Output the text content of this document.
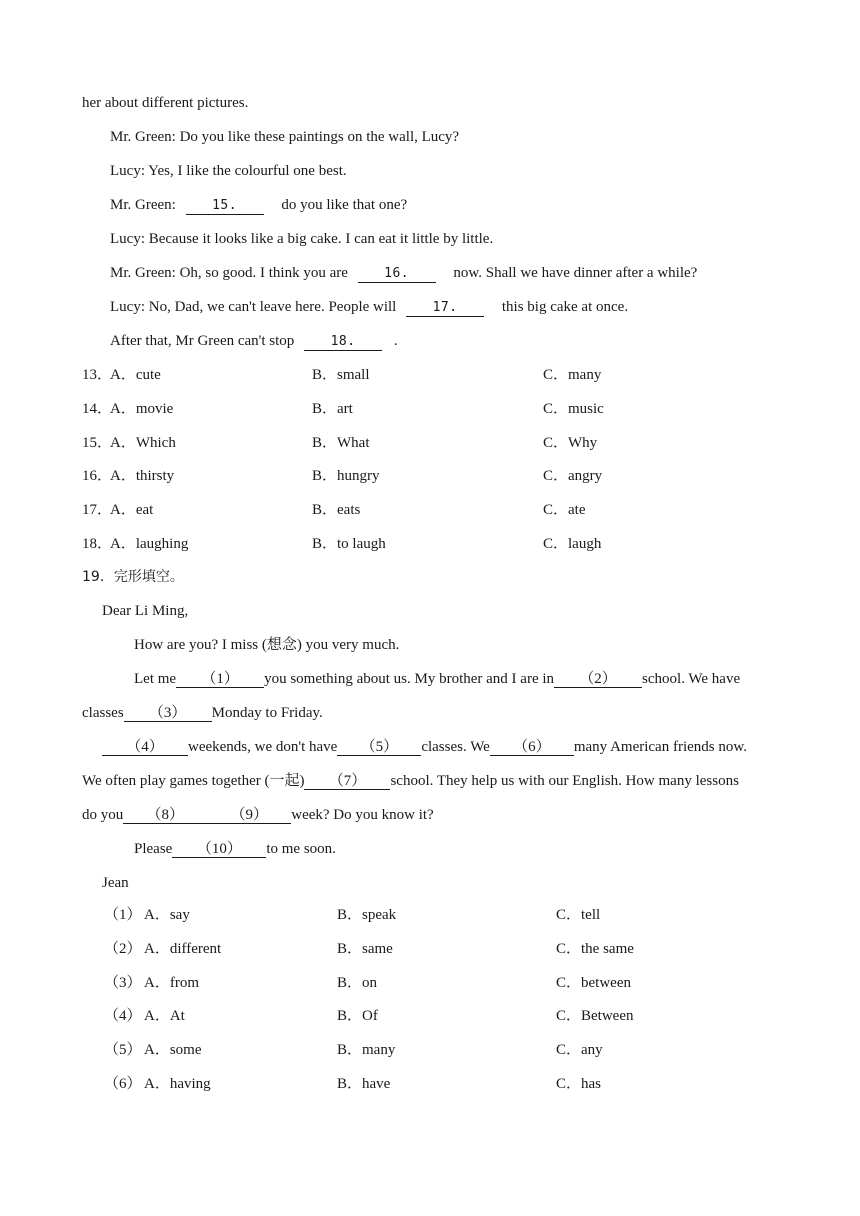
her about different pictures.
Mr. Green: Do you like these paintings on the wall, Lucy?
Lucy: Yes, I like the colourful one best.
Mr. Green:	15.	do you like that one?
Lucy: Because it looks like a big cake. I can eat it little by little.
Mr. Green: Oh, so good. I think you are	16.	now. Shall we have dinner after a while?
Lucy: No, Dad, we can't leave here. People will	17.	this big cake at once.
After that, Mr Green can't stop	18.	.
13．
A．cute	B．small	C．many
14．
A．movie	B．art	C．music
15．
A．Which	B．What	C．Why
16．
A．thirsty	B．hungry	C．angry
17．
A．eat	B．eats	C．ate
18．
A．laughing	B．to laugh	C．laugh
19．完形填空。
Dear Li Ming,
How are you? I miss (想念) you very much.
Let me （1） you something about us. My brother and I are in （2） school. We have
classes （3） Monday to Friday.
（4） weekends, we don't have （5） classes. We （6） many American friends now.
We often play games together (一起) （7） school. They help us with our English. How many lessons
do you （8）	（9） week? Do you know it?
Please （10） to me soon.
Jean
（1） A．say	B．speak	C．tell
（2） A．different	B．same	C．the same
（3） A．from	B．on	C．between
（4） A．At	B．Of	C．Between
（5） A．some	B．many	C．any
（6） A．having	B．have	C．has
